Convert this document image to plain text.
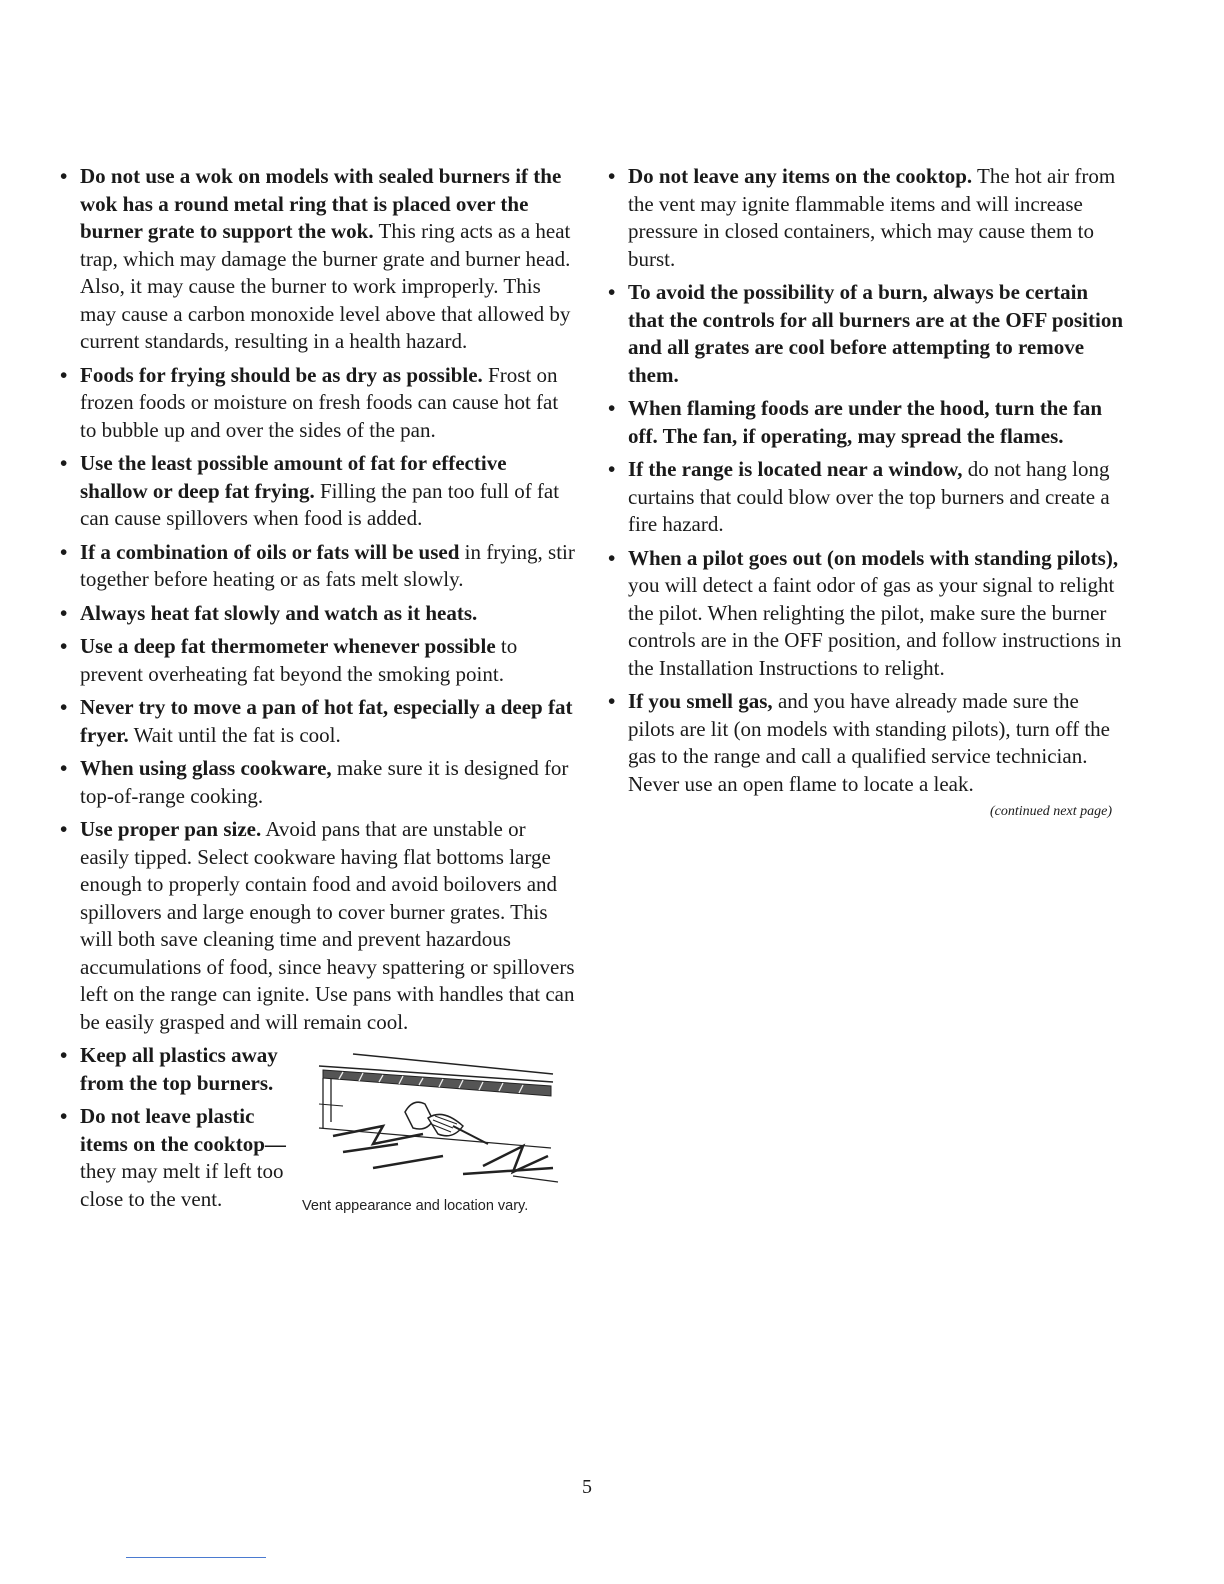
• Do not use a wok on models with sealed burners if the wok has a round metal ring that is placed over the burner grate to support the wok. This ring acts as a heat trap, which may damage the burner grate and burner head. Also, it may cause the burner to work improperly. This may cause a carbon monoxide level above that allowed by current standards, resulting in a health hazard.
• Foods for frying should be as dry as possible. Frost on frozen foods or moisture on fresh foods can cause hot fat to bubble up and over the sides of the pan.
• Use the least possible amount of fat for effective shallow or deep fat frying. Filling the pan too full of fat can cause spillovers when food is added.
• If a combination of oils or fats will be used in frying, stir together before heating or as fats melt slowly.
• Always heat fat slowly and watch as it heats.
• Use a deep fat thermometer whenever possible to prevent overheating fat beyond the smoking point.
• Never try to move a pan of hot fat, especially a deep fat fryer. Wait until the fat is cool.
• When using glass cookware, make sure it is designed for top-of-range cooking.
• Use proper pan size. Avoid pans that are unstable or easily tipped. Select cookware having flat bottoms large enough to properly contain food and avoid boilovers and spillovers and large enough to cover burner grates. This will both save cleaning time and prevent hazardous accumulations of food, since heavy spattering or spillovers left on the range can ignite. Use pans with handles that can be easily grasped and will remain cool.
• Keep all plastics away from the top burners.
• Do not leave plastic items on the cooktop— they may melt if left too close to the vent.	Vent appearance and location vary.
• Do not leave any items on the cooktop. The hot air from the vent may ignite flammable items and will increase pressure in closed containers, which may cause them to burst.
• To avoid the possibility of a burn, always be certain that the controls for all burners are at the OFF position and all grates are cool before attempting to remove them.
• When flaming foods are under the hood, turn the fan off. The fan, if operating, may spread the flames.
• If the range is located near a window, do not hang long curtains that could blow over the top burners and create a fire hazard.
• When a pilot goes out (on models with standing pilots), you will detect a faint odor of gas as your signal to relight the pilot. When relighting the pilot, make sure the burner controls are in the OFF position, and follow instructions in the Installation Instructions to relight.
• If you smell gas, and you have already made sure the pilots are lit (on models with standing pilots), turn off the gas to the range and call a qualified service technician. Never use an open flame to locate a leak.
(continued next page)
5
